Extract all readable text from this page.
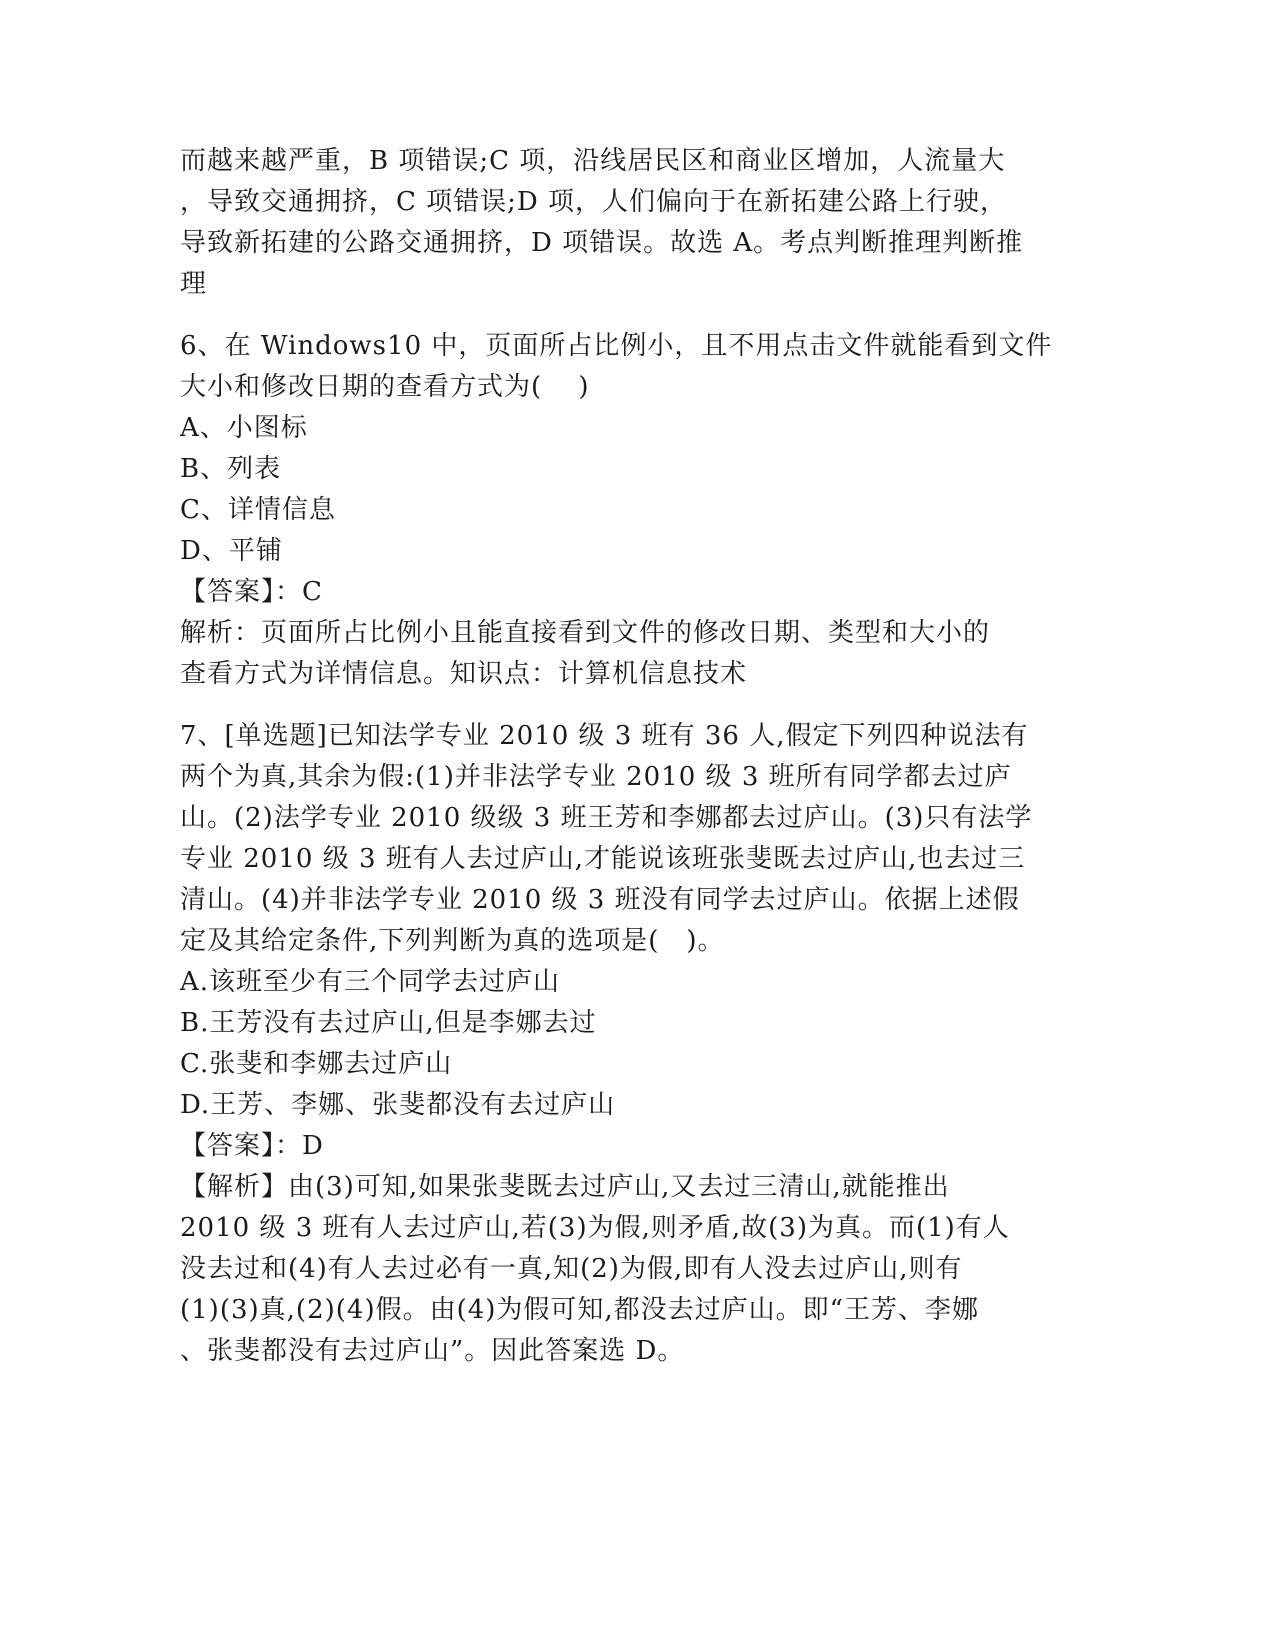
而越来越严重，B 项错误;C 项，沿线居民区和商业区增加，人流量大
，导致交通拥挤，C 项错误;D 项，人们偏向于在新拓建公路上行驶，
导致新拓建的公路交通拥挤，D 项错误。故选 A。考点判断推理判断推
理
6、在 Windows10 中，页面所占比例小，且不用点击文件就能看到文件
大小和修改日期的查看方式为(　 )
A、小图标
B、列表
C、详情信息
D、平铺
【答案】：C
解析：页面所占比例小且能直接看到文件的修改日期、类型和大小的
查看方式为详情信息。知识点：计算机信息技术
7、[单选题]已知法学专业 2010 级 3 班有 36 人,假定下列四种说法有
两个为真,其余为假:(1)并非法学专业 2010 级 3 班所有同学都去过庐
山。(2)法学专业 2010 级级 3 班王芳和李娜都去过庐山。(3)只有法学
专业 2010 级 3 班有人去过庐山,才能说该班张斐既去过庐山,也去过三
清山。(4)并非法学专业 2010 级 3 班没有同学去过庐山。依据上述假
定及其给定条件,下列判断为真的选项是(　)。
A.该班至少有三个同学去过庐山
B.王芳没有去过庐山,但是李娜去过
C.张斐和李娜去过庐山
D.王芳、李娜、张斐都没有去过庐山
【答案】：D
【解析】由(3)可知,如果张斐既去过庐山,又去过三清山,就能推出
2010 级 3 班有人去过庐山,若(3)为假,则矛盾,故(3)为真。而(1)有人
没去过和(4)有人去过必有一真,知(2)为假,即有人没去过庐山,则有
(1)(3)真,(2)(4)假。由(4)为假可知,都没去过庐山。即“王芳、李娜
、张斐都没有去过庐山”。因此答案选 D。
